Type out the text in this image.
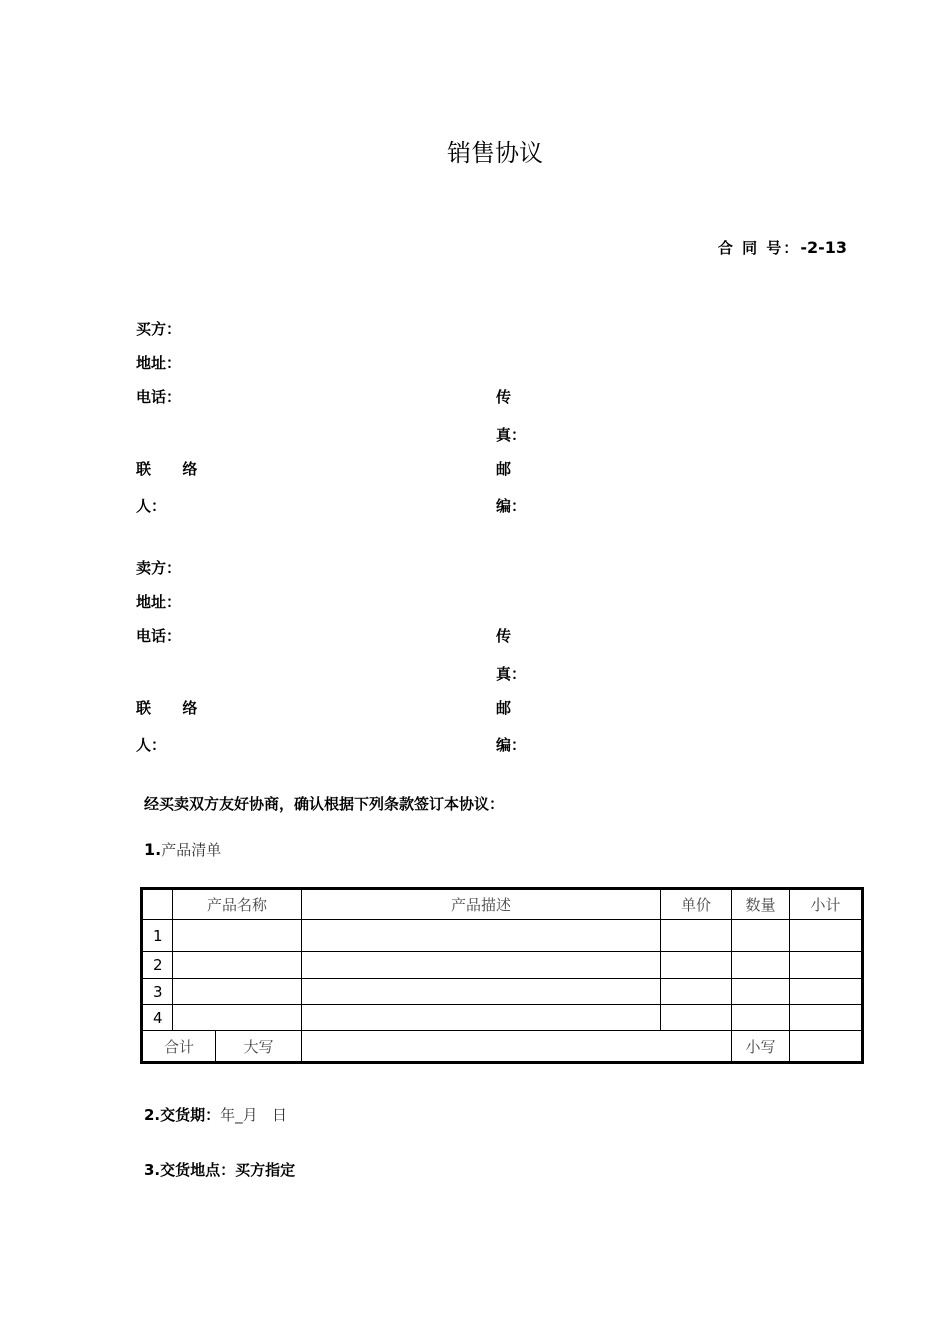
销售协议
合 同 号：-2-13
买方：
地址：
电话：	传
真：
联      络
人：
邮
编：
卖方：
地址：
电话：	传
真：
联      络
人：
邮
编：
经买卖双方友好协商，确认根据下列条款签订本协议：
1.产品清单
	产品名称		产品描述	单价	数量	小计
1						
2						
3						
4						
合计		大写			小写	
2.交货期：年_月   日
3.交货地点：买方指定
